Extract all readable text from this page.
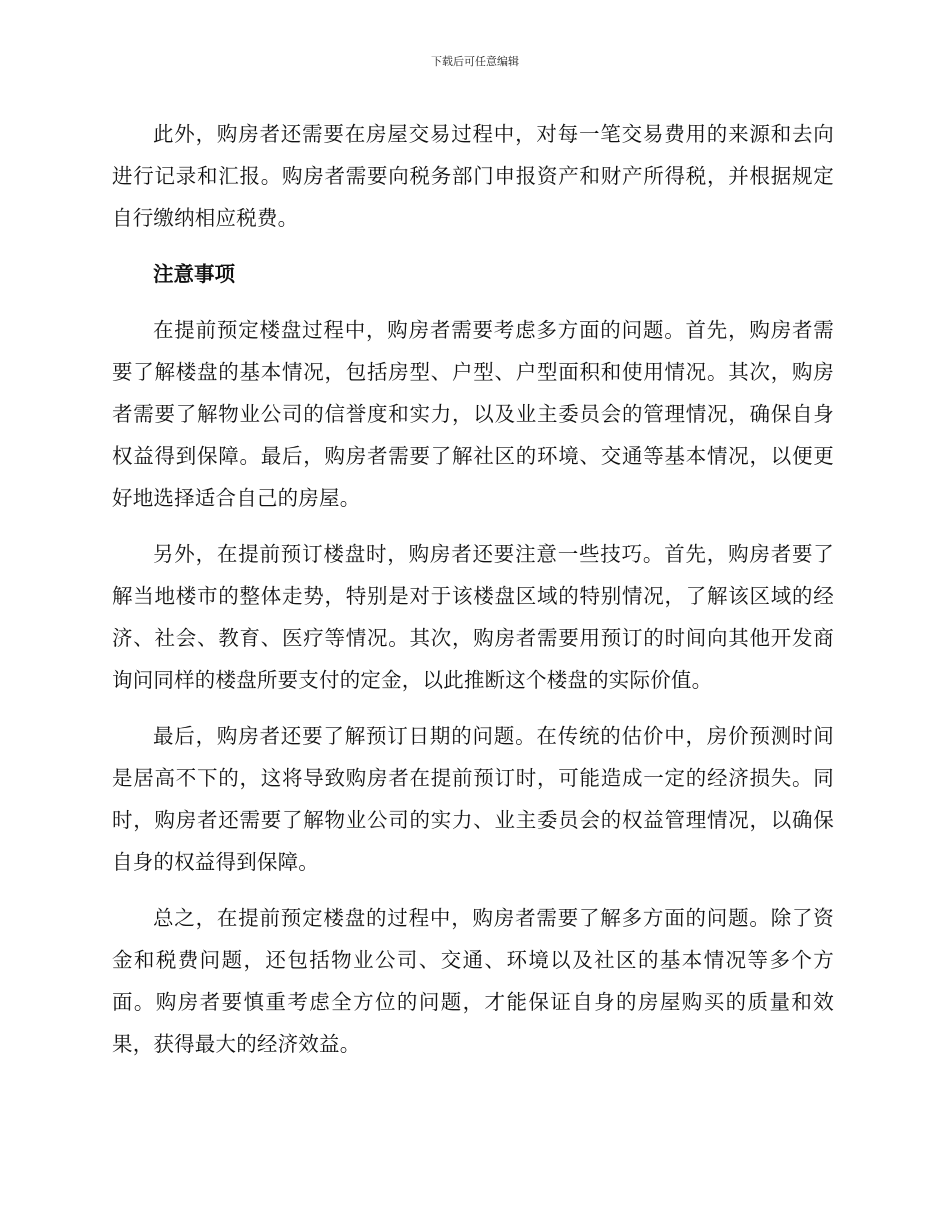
下载后可任意编辑

此外，购房者还需要在房屋交易过程中，对每一笔交易费用的来源和去向进行记录和汇报。购房者需要向税务部门申报资产和财产所得税，并根据规定自行缴纳相应税费。

注意事项

在提前预定楼盘过程中，购房者需要考虑多方面的问题。首先，购房者需要了解楼盘的基本情况，包括房型、户型、户型面积和使用情况。其次，购房者需要了解物业公司的信誉度和实力，以及业主委员会的管理情况，确保自身权益得到保障。最后，购房者需要了解社区的环境、交通等基本情况，以便更好地选择适合自己的房屋。

另外，在提前预订楼盘时，购房者还要注意一些技巧。首先，购房者要了解当地楼市的整体走势，特别是对于该楼盘区域的特别情况，了解该区域的经济、社会、教育、医疗等情况。其次，购房者需要用预订的时间向其他开发商询问同样的楼盘所要支付的定金，以此推断这个楼盘的实际价值。

最后，购房者还要了解预订日期的问题。在传统的估价中，房价预测时间是居高不下的，这将导致购房者在提前预订时，可能造成一定的经济损失。同时，购房者还需要了解物业公司的实力、业主委员会的权益管理情况，以确保自身的权益得到保障。

总之，在提前预定楼盘的过程中，购房者需要了解多方面的问题。除了资金和税费问题，还包括物业公司、交通、环境以及社区的基本情况等多个方面。购房者要慎重考虑全方位的问题，才能保证自身的房屋购买的质量和效果，获得最大的经济效益。
